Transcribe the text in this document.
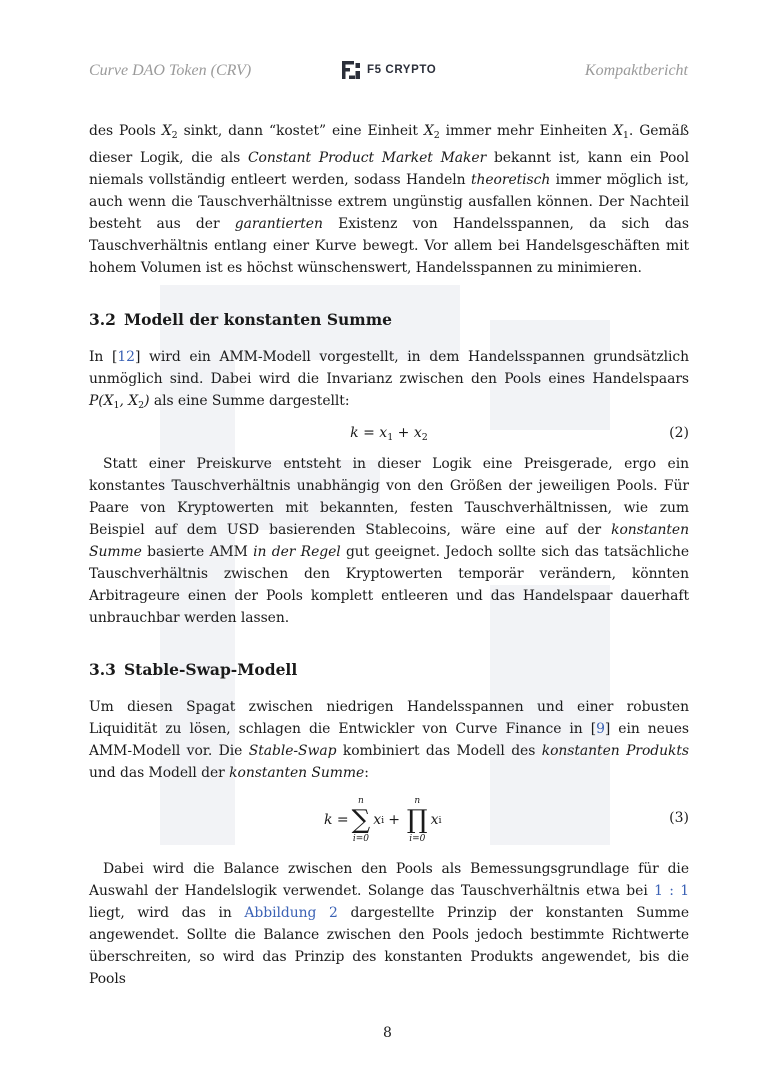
Curve DAO Token (CRV)	F5 CRYPTO	Kompaktbericht

des Pools $X_2$ sinkt, dann “kostet” eine Einheit $X_2$ immer mehr Einheiten $X_1$. Gemäß dieser Logik, die als Constant Product Market Maker bekannt ist, kann ein Pool niemals vollständig entleert werden, sodass Handeln theoretisch immer möglich ist, auch wenn die Tauschverhältnisse extrem ungünstig ausfallen können. Der Nachteil besteht aus der garantierten Existenz von Handelsspannen, da sich das Tauschverhältnis entlang einer Kurve bewegt. Vor allem bei Handelsgeschäften mit hohem Volumen ist es höchst wünschenswert, Handelsspannen zu minimieren.

3.2 Modell der konstanten Summe

In [12] wird ein AMM-Modell vorgestellt, in dem Handelsspannen grundsätzlich unmöglich sind. Dabei wird die Invarianz zwischen den Pools eines Handelspaars $P(X_1$, $X_2$) als eine Summe dargestellt:

$k = x_1 + x_2$	(2)

Statt einer Preiskurve entsteht in dieser Logik eine Preisgerade, ergo ein konstantes Tauschverhältnis unabhängig von den Größen der jeweiligen Pools. Für Paare von Kryptowerten mit bekannten, festen Tauschverhältnissen, wie zum Beispiel auf dem USD basierenden Stablecoins, wäre eine auf der konstanten Summe basierte AMM in der Regel gut geeignet. Jedoch sollte sich das tatsächliche Tauschverhältnis zwischen den Kryptowerten temporär verändern, könnten Arbitrageure einen der Pools komplett entleeren und das Handelspaar dauerhaft unbrauchbar werden lassen.

3.3 Stable-Swap-Modell

Um diesen Spagat zwischen niedrigen Handelsspannen und einer robusten Liquidität zu lösen, schlagen die Entwickler von Curve Finance in [9] ein neues AMM-Modell vor. Die Stable-Swap kombiniert das Modell des konstanten Produkts und das Modell der konstanten Summe:

k =
n
∑
i=0
x i +
n
∏
i=0
x i	(3)

Dabei wird die Balance zwischen den Pools als Bemessungsgrundlage für die Auswahl der Handelslogik verwendet. Solange das Tauschverhältnis etwa bei 1 : 1 liegt, wird das in Abbildung 2 dargestellte Prinzip der konstanten Summe angewendet. Sollte die Balance zwischen den Pools jedoch bestimmte Richtwerte überschreiten, so wird das Prinzip des konstanten Produkts angewendet, bis die Pools

8
